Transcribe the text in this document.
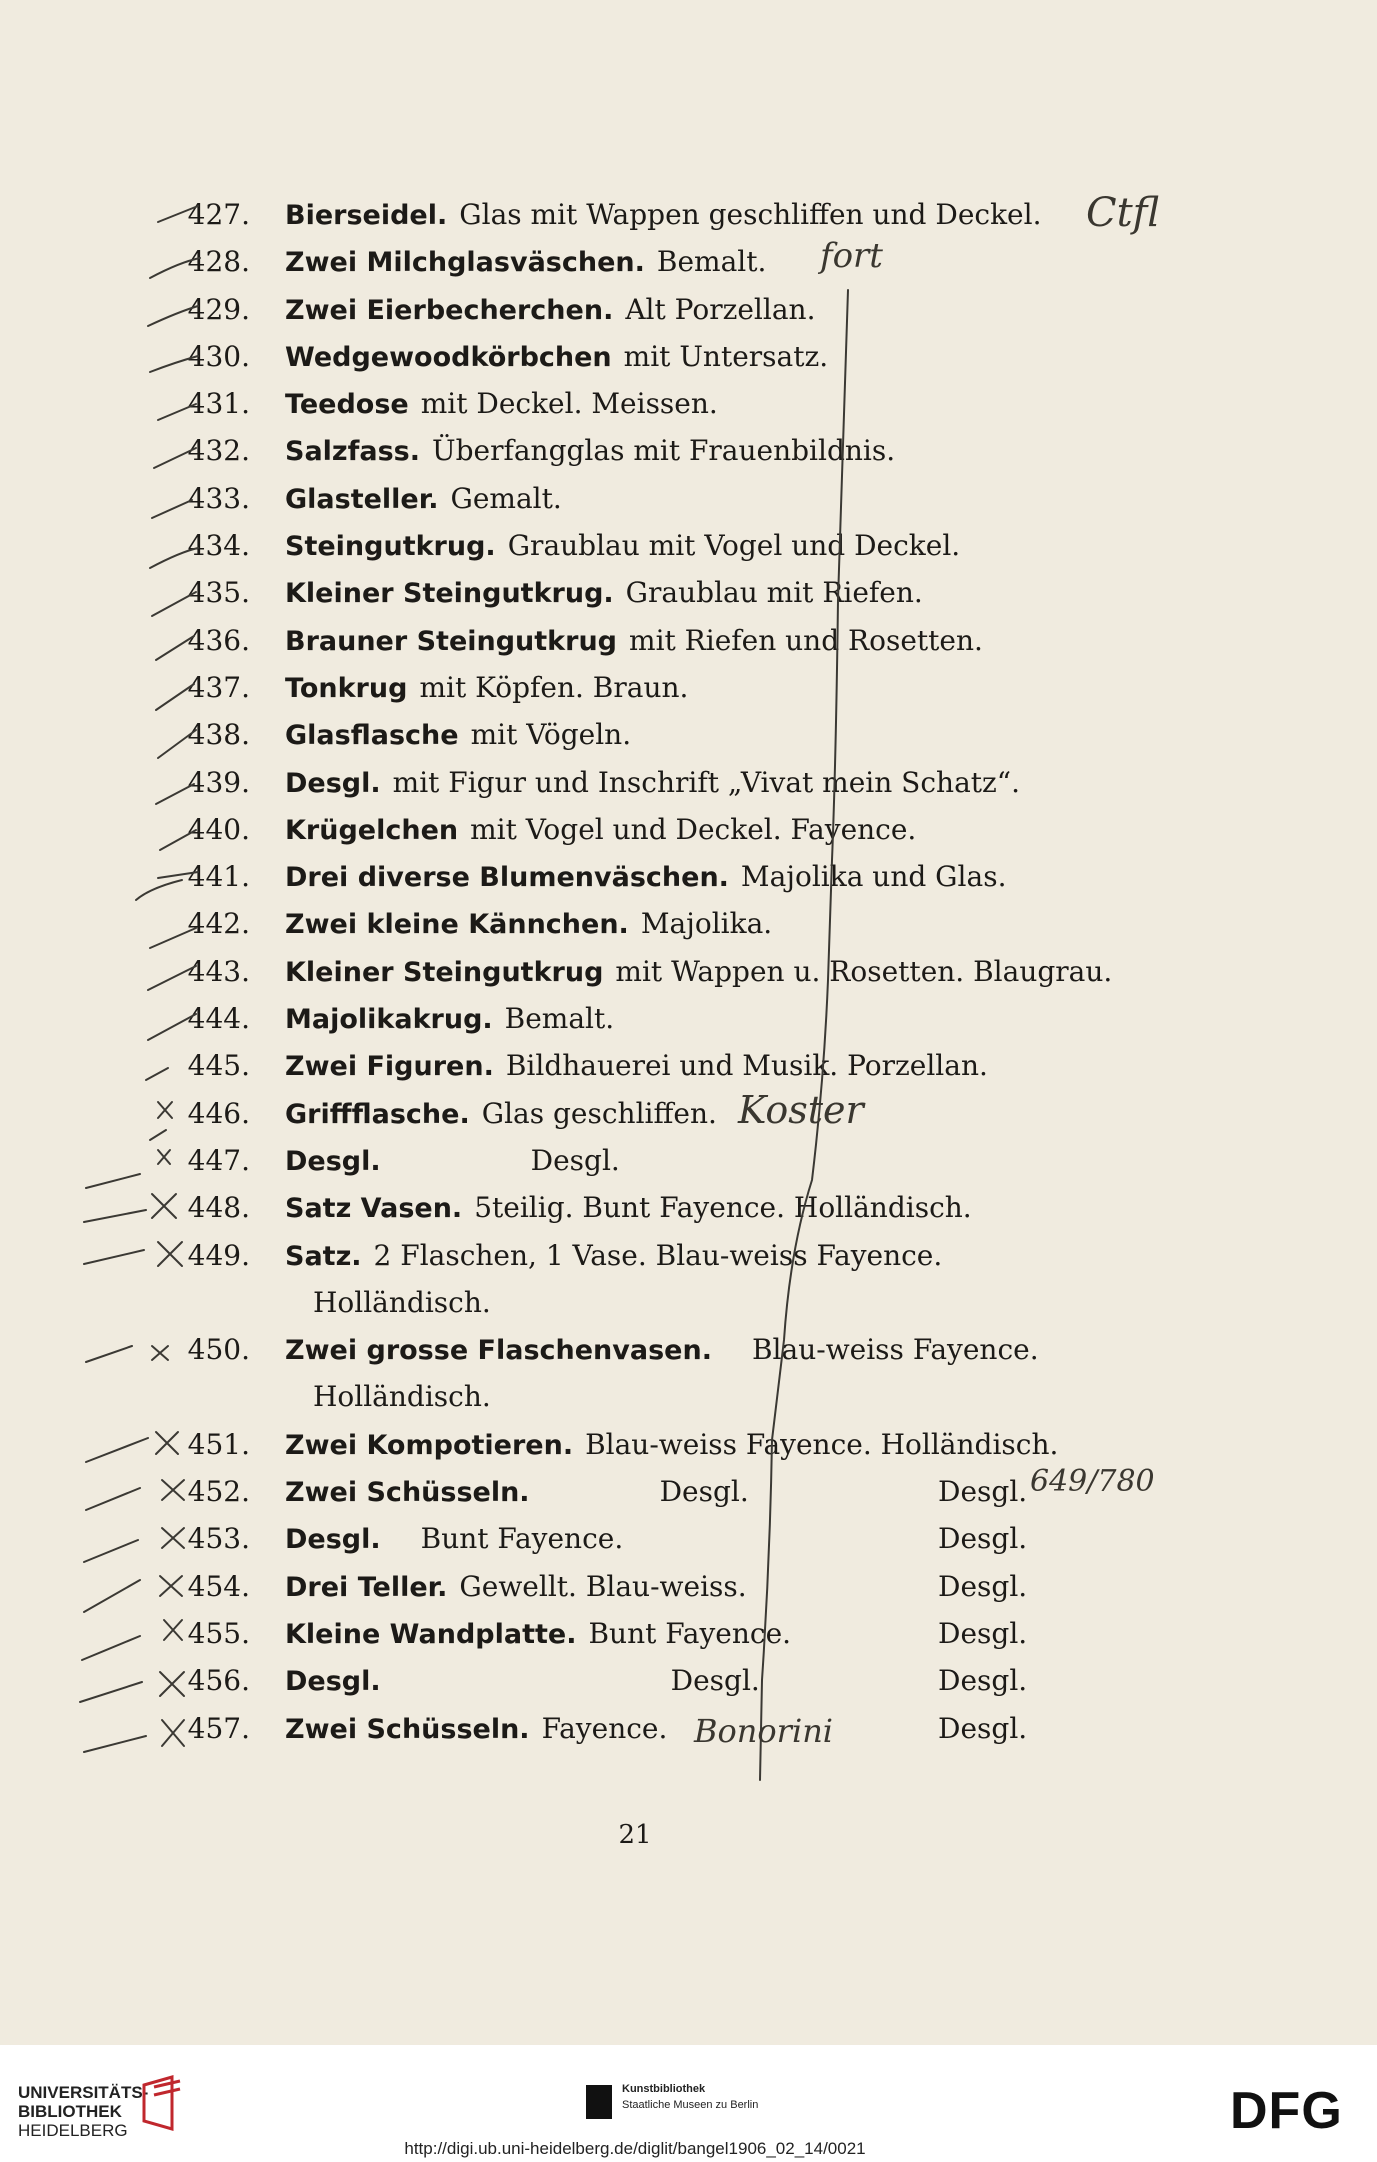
427. Bierseidel. Glas mit Wappen geschliffen und Deckel.
428. Zwei Milchglasväschen. Bemalt.
429. Zwei Eierbecherchen. Alt Porzellan.
430. Wedgewoodkörbchen mit Untersatz.
431. Teedose mit Deckel. Meissen.
432. Salzfass. Überfangglas mit Frauenbildnis.
433. Glasteller. Gemalt.
434. Steingutkrug. Graublau mit Vogel und Deckel.
435. Kleiner Steingutkrug. Graublau mit Riefen.
436. Brauner Steingutkrug mit Riefen und Rosetten.
437. Tonkrug mit Köpfen. Braun.
438. Glasflasche mit Vögeln.
439. Desgl. mit Figur und Inschrift „Vivat mein Schatz“.
440. Krügelchen mit Vogel und Deckel. Fayence.
441. Drei diverse Blumenväschen. Majolika und Glas.
442. Zwei kleine Kännchen. Majolika.
443. Kleiner Steingutkrug mit Wappen u. Rosetten. Blaugrau.
444. Majolikakrug. Bemalt.
445. Zwei Figuren. Bildhauerei und Musik. Porzellan.
446. Griffflasche. Glas geschliffen.
447. Desgl.	Desgl.
448. Satz Vasen. 5teilig. Bunt Fayence. Holländisch.
449. Satz. 2 Flaschen, 1 Vase. Blau-weiss Fayence.
Holländisch.
450. Zwei grosse Flaschenvasen. Blau-weiss Fayence.
Holländisch.
451. Zwei Kompotieren. Blau-weiss Fayence. Holländisch.
452. Zwei Schüsseln.	Desgl.	Desgl.
453. Desgl. Bunt Fayence.	Desgl.
454. Drei Teller. Gewellt. Blau-weiss.	Desgl.
455. Kleine Wandplatte. Bunt Fayence.	Desgl.
456. Desgl.	Desgl.	Desgl.
457. Zwei Schüsseln. Fayence.	Desgl.
Ctfl
fort
Koster
649/780
Bonorini
21
UNIVERSITÄTS-
BIBLIOTHEK
HEIDELBERG
Kunstbibliothek
Staatliche Museen zu Berlin	DFG
http://digi.ub.uni-heidelberg.de/diglit/bangel1906_02_14/0021
